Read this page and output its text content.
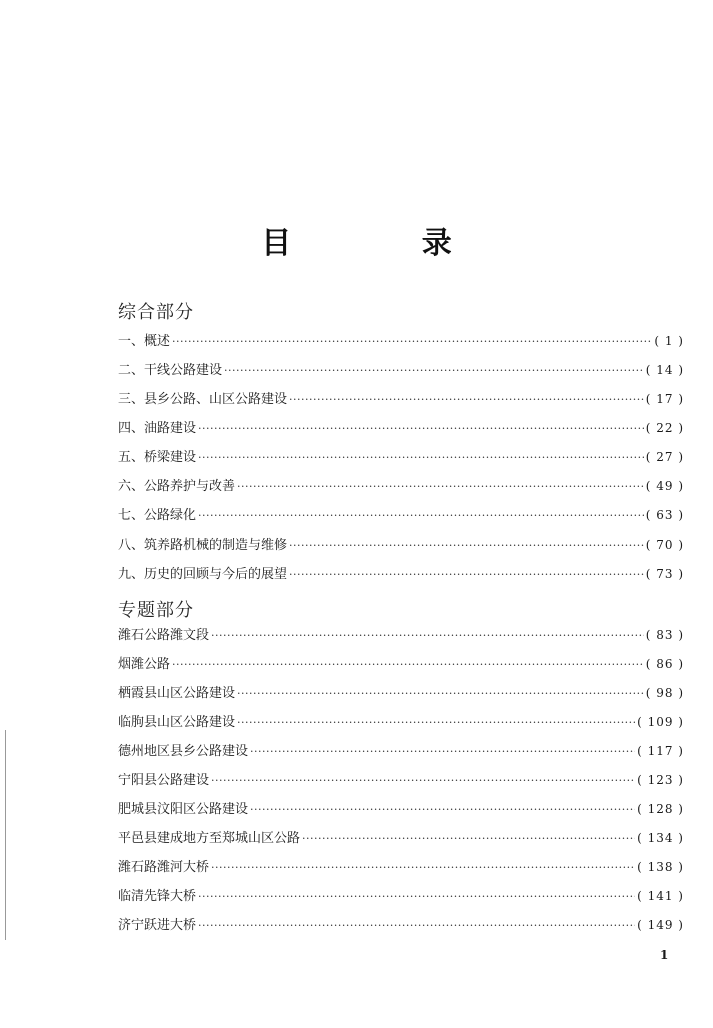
目 录
综合部分
一、概述 ·····	( 1 )
二、干线公路建设 ·····	( 14 )
三、县乡公路、山区公路建设 ·····	( 17 )
四、油路建设 ·····	( 22 )
五、桥梁建设 ·····	( 27 )
六、公路养护与改善 ·····	( 49 )
七、公路绿化 ·····	( 63 )
八、筑养路机械的制造与维修 ·····	( 70 )
九、历史的回顾与今后的展望 ·····	( 73 )
专题部分
潍石公路潍文段 ·····	( 83 )
烟潍公路 ·····	( 86 )
栖霞县山区公路建设 ·····	( 98 )
临朐县山区公路建设 ·····	( 109 )
德州地区县乡公路建设 ·····	( 117 )
宁阳县公路建设 ·····	( 123 )
肥城县汶阳区公路建设 ·····	( 128 )
平邑县建成地方至郑城山区公路 ·····	( 134 )
潍石路潍河大桥 ·····	( 138 )
临清先锋大桥 ·····	( 141 )
济宁跃进大桥 ·····	( 149 )
1
